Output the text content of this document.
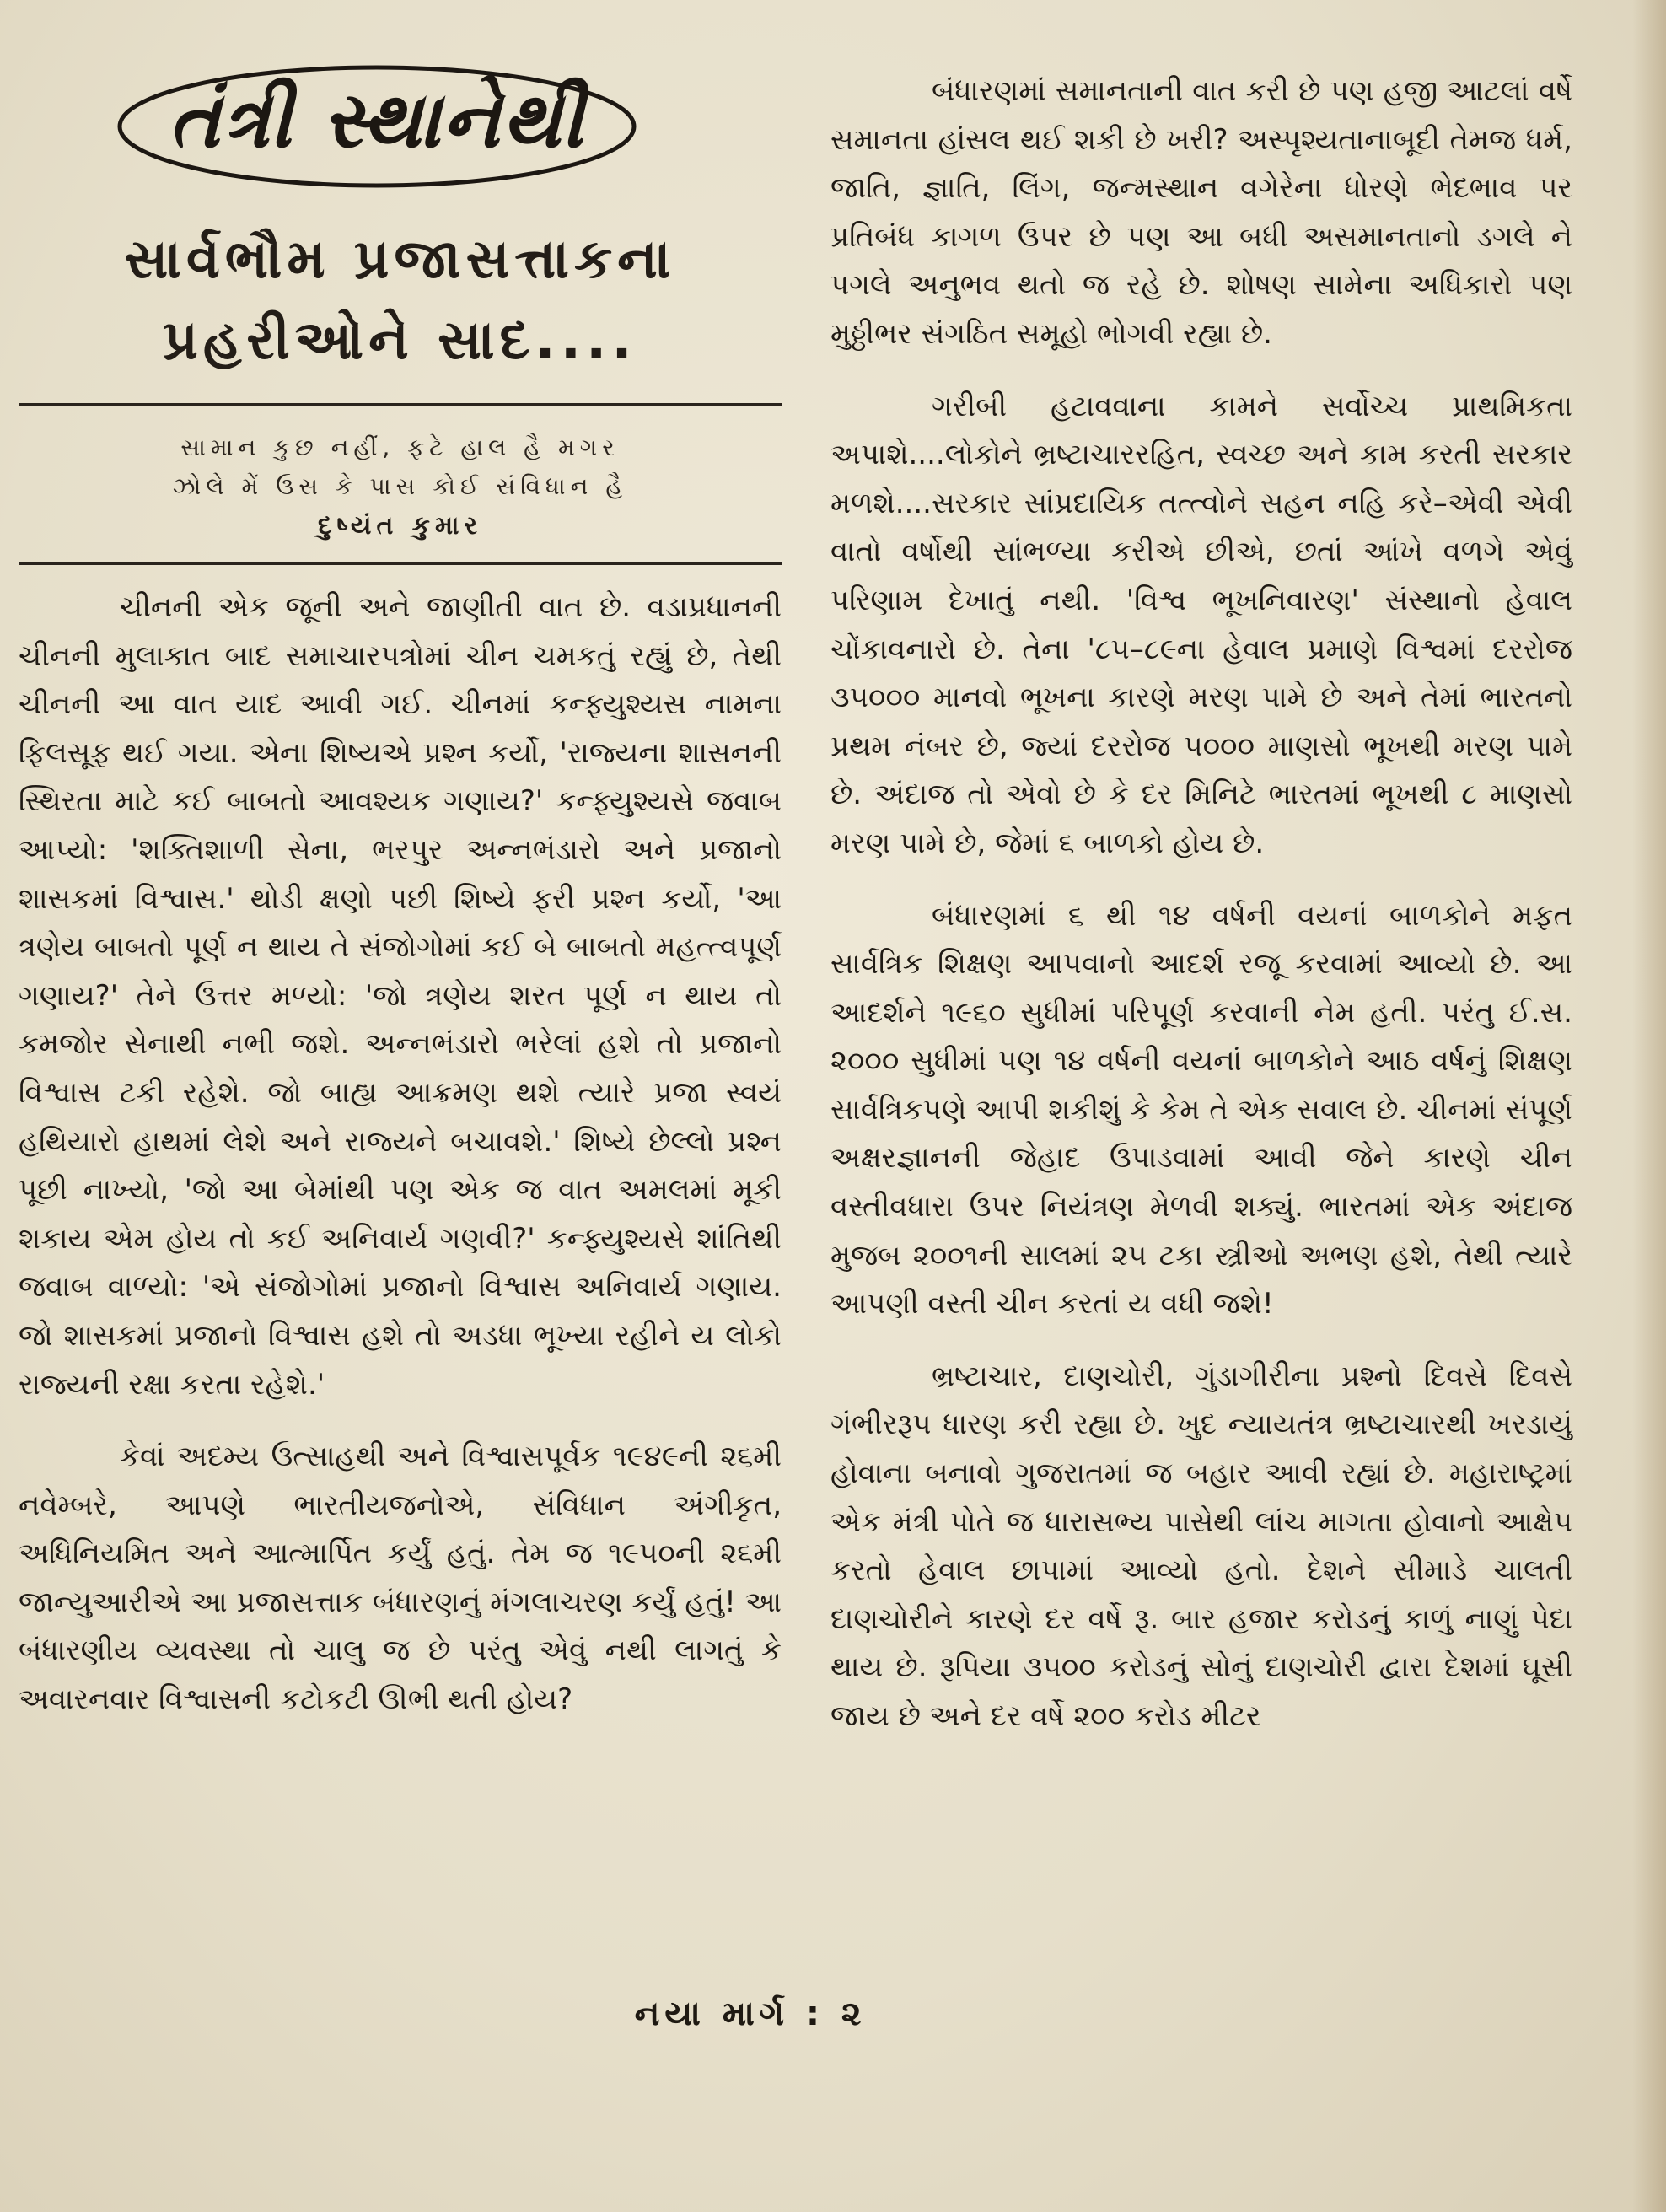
તંત્રી સ્થાનેથી
સાર્વભૌમ પ્રજાસત્તાકના
પ્રહરીઓને સાદ....
સામાન કુછ નહીં, ફટે હાલ હૈ મગર
ઝોલે મેં ઉસ કે પાસ કોઈ સંવિધાન હૈ
દુષ્યંત કુમાર

ચીનની એક જૂની અને જાણીતી વાત છે. વડાપ્રધાનની ચીનની મુલાકાત બાદ સમાચારપત્રોમાં ચીન ચમકતું રહ્યું છે, તેથી ચીનની આ વાત યાદ આવી ગઈ. ચીનમાં કન્ફ્યુશ્યસ નામના ફિલસૂફ થઈ ગયા. એના શિષ્યએ પ્રશ્ન કર્યો, 'રાજ્યના શાસનની સ્થિરતા માટે કઈ બાબતો આવશ્યક ગણાય?' કન્ફ્યુશ્યસે જવાબ આપ્યો: 'શક્તિશાળી સેના, ભરપુર અન્નભંડારો અને પ્રજાનો શાસકમાં વિશ્વાસ.' થોડી ક્ષણો પછી શિષ્યે ફરી પ્રશ્ન કર્યો, 'આ ત્રણેય બાબતો પૂર્ણ ન થાય તે સંજોગોમાં કઈ બે બાબતો મહત્ત્વપૂર્ણ ગણાય?' તેને ઉત્તર મળ્યો: 'જો ત્રણેય શરત પૂર્ણ ન થાય તો કમજોર સેનાથી નભી જશે. અન્નભંડારો ભરેલાં હશે તો પ્રજાનો વિશ્વાસ ટકી રહેશે. જો બાહ્ય આક્રમણ થશે ત્યારે પ્રજા સ્વયં હથિયારો હાથમાં લેશે અને રાજ્યને બચાવશે.' શિષ્યે છેલ્લો પ્રશ્ન પૂછી નાખ્યો, 'જો આ બેમાંથી પણ એક જ વાત અમલમાં મૂકી શકાય એમ હોય તો કઈ અનિવાર્ય ગણવી?' કન્ફ્યુશ્યસે શાંતિથી જવાબ વાળ્યો: 'એ સંજોગોમાં પ્રજાનો વિશ્વાસ અનિવાર્ય ગણાય. જો શાસકમાં પ્રજાનો વિશ્વાસ હશે તો અડધા ભૂખ્યા રહીને ય લોકો રાજ્યની રક્ષા કરતા રહેશે.'

કેવાં અદમ્ય ઉત્સાહથી અને વિશ્વાસપૂર્વક ૧૯૪૯ની ૨૬મી નવેમ્બરે, આપણે ભારતીયજનોએ, સંવિધાન અંગીકૃત, અધિનિયમિત અને આત્માર્પિત કર્યું હતું. તેમ જ ૧૯૫૦ની ૨૬મી જાન્યુઆરીએ આ પ્રજાસત્તાક બંધારણનું મંગલાચરણ કર્યું હતું! આ બંધારણીય વ્યવસ્થા તો ચાલુ જ છે પરંતુ એવું નથી લાગતું કે અવારનવાર વિશ્વાસની કટોકટી ઊભી થતી હોય?

બંધારણમાં સમાનતાની વાત કરી છે પણ હજી આટલાં વર્ષે સમાનતા હાંસલ થઈ શકી છે ખરી? અસ્પૃશ્યતાનાબૂદી તેમજ ધર્મ, જાતિ, જ્ઞાતિ, લિંગ, જન્મસ્થાન વગેરેના ધોરણે ભેદભાવ પર પ્રતિબંધ કાગળ ઉપર છે પણ આ બધી અસમાનતાનો ડગલે ને પગલે અનુભવ થતો જ રહે છે. શોષણ સામેના અધિકારો પણ મુઠ્ઠીભર સંગઠિત સમૂહો ભોગવી રહ્યા છે.

ગરીબી હટાવવાના કામને સર્વોચ્ચ પ્રાથમિકતા અપાશે....લોકોને ભ્રષ્ટાચારરહિત, સ્વચ્છ અને કામ કરતી સરકાર મળશે....સરકાર સાંપ્રદાયિક તત્ત્વોને સહન નહિ કરે–એવી એવી વાતો વર્ષોથી સાંભળ્યા કરીએ છીએ, છતાં આંખે વળગે એવું પરિણામ દેખાતું નથી. 'વિશ્વ ભૂખનિવારણ' સંસ્થાનો હેવાલ ચોંકાવનારો છે. તેના '૮૫–૮૯ના હેવાલ પ્રમાણે વિશ્વમાં દરરોજ ૩૫૦૦૦ માનવો ભૂખના કારણે મરણ પામે છે અને તેમાં ભારતનો પ્રથમ નંબર છે, જ્યાં દરરોજ ૫૦૦૦ માણસો ભૂખથી મરણ પામે છે. અંદાજ તો એવો છે કે દર મિનિટે ભારતમાં ભૂખથી ૮ માણસો મરણ પામે છે, જેમાં ૬ બાળકો હોય છે.

બંધારણમાં ૬ થી ૧૪ વર્ષની વયનાં બાળકોને મફત સાર્વત્રિક શિક્ષણ આપવાનો આદર્શ રજૂ કરવામાં આવ્યો છે. આ આદર્શને ૧૯૬૦ સુધીમાં પરિપૂર્ણ કરવાની નેમ હતી. પરંતુ ઈ.સ. ૨૦૦૦ સુધીમાં પણ ૧૪ વર્ષની વયનાં બાળકોને આઠ વર્ષનું શિક્ષણ સાર્વત્રિકપણે આપી શકીશું કે કેમ તે એક સવાલ છે. ચીનમાં સંપૂર્ણ અક્ષરજ્ઞાનની જેહાદ ઉપાડવામાં આવી જેને કારણે ચીન વસ્તીવધારા ઉપર નિયંત્રણ મેળવી શક્યું. ભારતમાં એક અંદાજ મુજબ ૨૦૦૧ની સાલમાં ૨૫ ટકા સ્ત્રીઓ અભણ હશે, તેથી ત્યારે આપણી વસ્તી ચીન કરતાં ય વધી જશે!

ભ્રષ્ટાચાર, દાણચોરી, ગુંડાગીરીના પ્રશ્નો દિવસે દિવસે ગંભીરરૂપ ધારણ કરી રહ્યા છે. ખુદ ન્યાયતંત્ર ભ્રષ્ટાચારથી ખરડાયું હોવાના બનાવો ગુજરાતમાં જ બહાર આવી રહ્યાં છે. મહારાષ્ટ્રમાં એક મંત્રી પોતે જ ધારાસભ્ય પાસેથી લાંચ માગતા હોવાનો આક્ષેપ કરતો હેવાલ છાપામાં આવ્યો હતો. દેશને સીમાડે ચાલતી દાણચોરીને કારણે દર વર્ષે રૂ. બાર હજાર કરોડનું કાળું નાણું પેદા થાય છે. રૂપિયા ૩૫૦૦ કરોડનું સોનું દાણચોરી દ્વારા દેશમાં ઘૂસી જાય છે અને દર વર્ષે ૨૦૦ કરોડ મીટર

નયા માર્ગ : ૨
